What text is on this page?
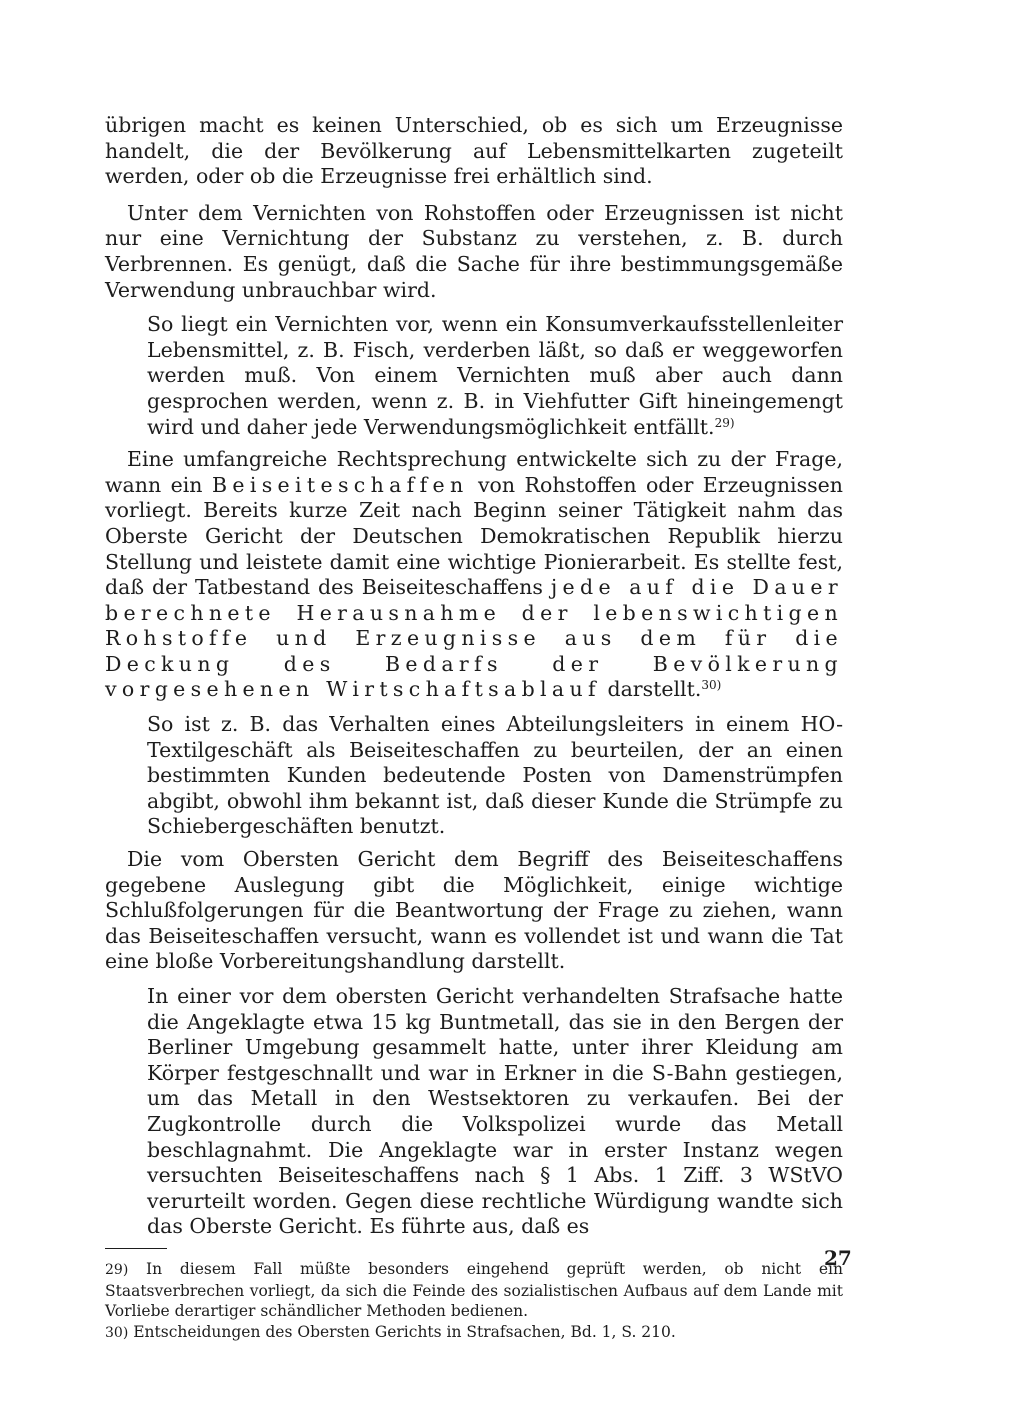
übrigen macht es keinen Unterschied, ob es sich um Erzeugnisse handelt, die der Bevölkerung auf Lebensmittelkarten zugeteilt werden, oder ob die Erzeugnisse frei erhältlich sind.

Unter dem Vernichten von Rohstoffen oder Erzeugnissen ist nicht nur eine Vernichtung der Substanz zu verstehen, z. B. durch Verbrennen. Es genügt, daß die Sache für ihre bestimmungsgemäße Verwendung unbrauchbar wird.

So liegt ein Vernichten vor, wenn ein Konsumverkaufsstellenleiter Lebensmittel, z. B. Fisch, verderben läßt, so daß er weggeworfen werden muß. Von einem Vernichten muß aber auch dann gesprochen werden, wenn z. B. in Viehfutter Gift hineingemengt wird und daher jede Verwendungsmöglichkeit entfällt.$^{29)}$

Eine umfangreiche Rechtsprechung entwickelte sich zu der Frage, wann ein Beiseiteschaffen von Rohstoffen oder Erzeugnissen vorliegt. Bereits kurze Zeit nach Beginn seiner Tätigkeit nahm das Oberste Gericht der Deutschen Demokratischen Republik hierzu Stellung und leistete damit eine wichtige Pionierarbeit. Es stellte fest, daß der Tatbestand des Beiseiteschaffens jede auf die Dauer berechnete Herausnahme der lebenswichtigen Rohstoffe und Erzeugnisse aus dem für die Deckung des Bedarfs der Bevölkerung vorgesehenen Wirtschaftsablauf darstellt.$^{30)}$

So ist z. B. das Verhalten eines Abteilungsleiters in einem HO-Textilgeschäft als Beiseiteschaffen zu beurteilen, der an einen bestimmten Kunden bedeutende Posten von Damenstrümpfen abgibt, obwohl ihm bekannt ist, daß dieser Kunde die Strümpfe zu Schiebergeschäften benutzt.

Die vom Obersten Gericht dem Begriff des Beiseiteschaffens gegebene Auslegung gibt die Möglichkeit, einige wichtige Schlußfolgerungen für die Beantwortung der Frage zu ziehen, wann das Beiseiteschaffen versucht, wann es vollendet ist und wann die Tat eine bloße Vorbereitungshandlung darstellt.

In einer vor dem obersten Gericht verhandelten Strafsache hatte die Angeklagte etwa 15 kg Buntmetall, das sie in den Bergen der Berliner Umgebung gesammelt hatte, unter ihrer Kleidung am Körper festgeschnallt und war in Erkner in die S-Bahn gestiegen, um das Metall in den Westsektoren zu verkaufen. Bei der Zugkontrolle durch die Volkspolizei wurde das Metall beschlagnahmt. Die Angeklagte war in erster Instanz wegen versuchten Beiseiteschaffens nach § 1 Abs. 1 Ziff. 3 WStVO verurteilt worden. Gegen diese rechtliche Würdigung wandte sich das Oberste Gericht. Es führte aus, daß es

29) In diesem Fall müßte besonders eingehend geprüft werden, ob nicht ein Staatsverbrechen vorliegt, da sich die Feinde des sozialistischen Aufbaus auf dem Lande mit Vorliebe derartiger schändlicher Methoden bedienen.

30) Entscheidungen des Obersten Gerichts in Strafsachen, Bd. 1, S. 210.

27
